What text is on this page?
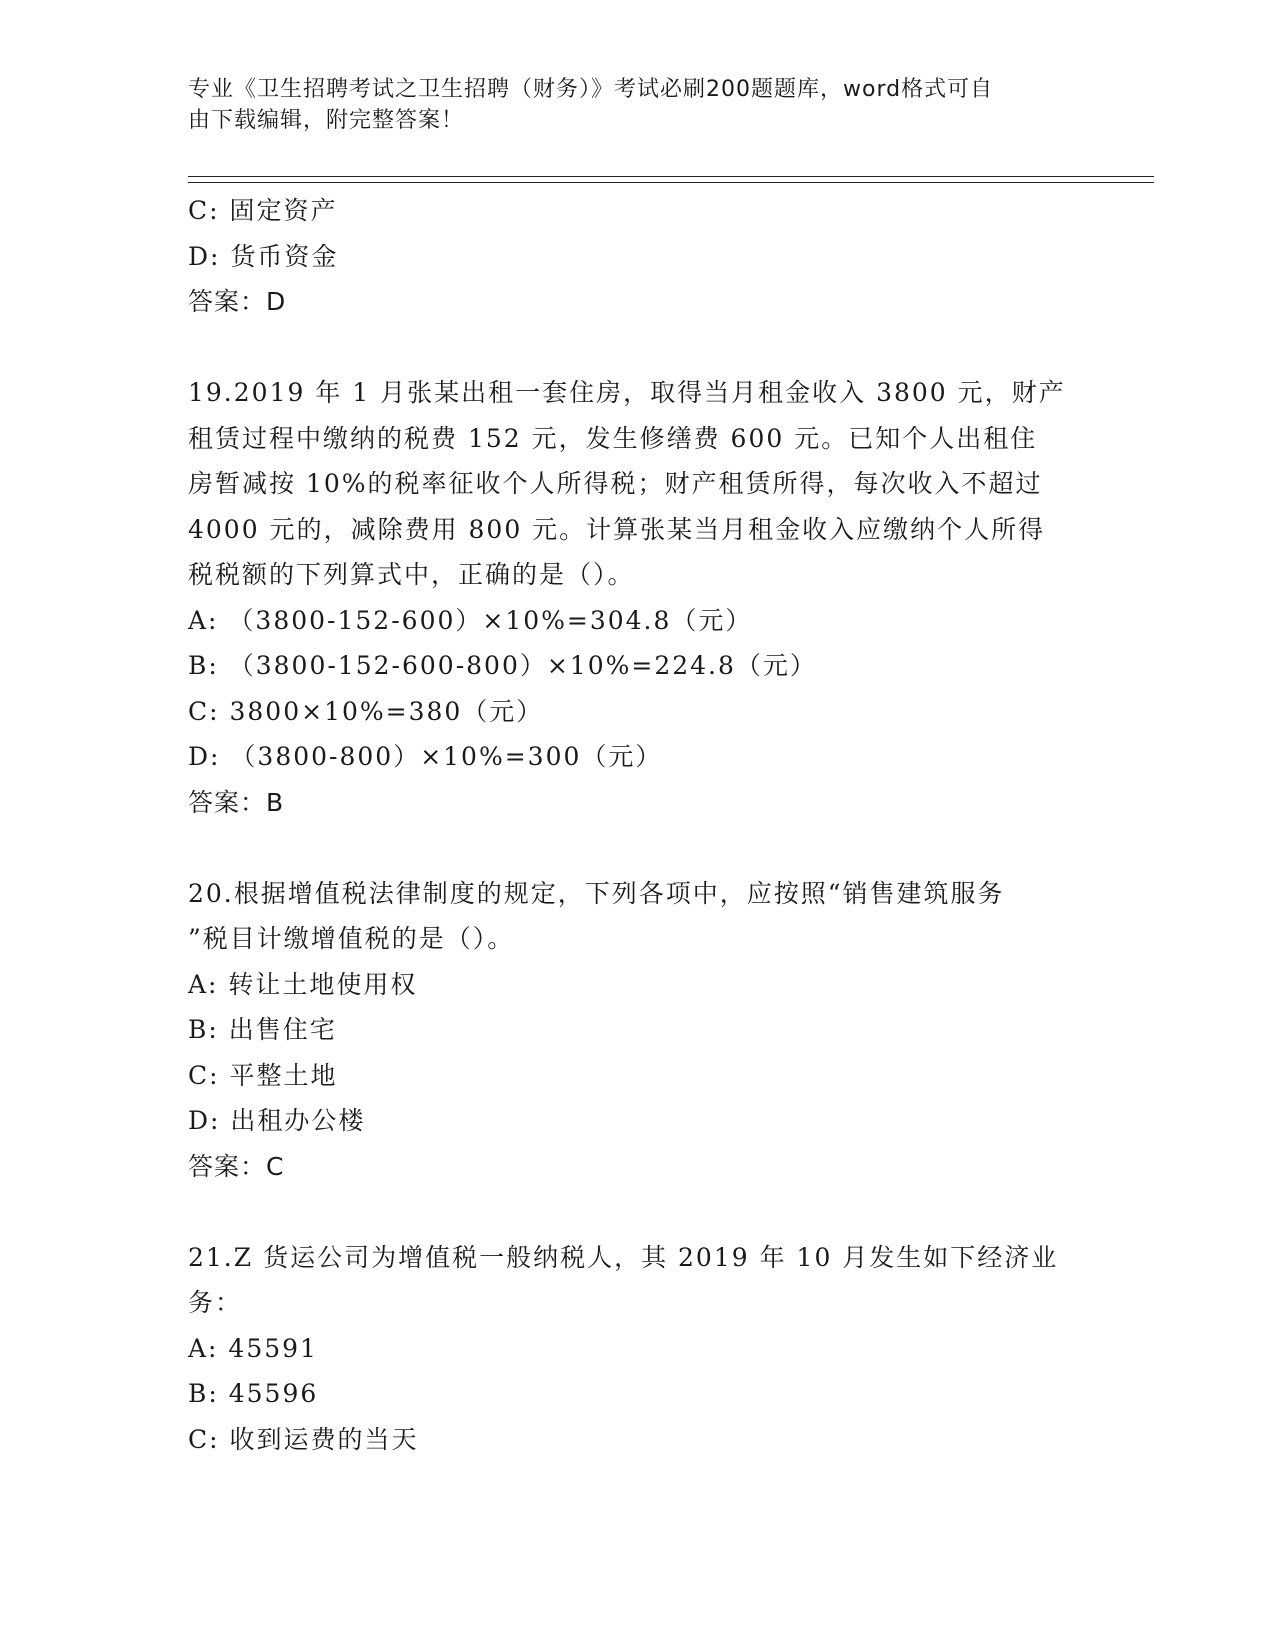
专业《卫生招聘考试之卫生招聘（财务）》考试必刷200题题库，word格式可自
由下载编辑，附完整答案！
C: 固定资产
D: 货币资金
答案：D
19.2019 年 1 月张某出租一套住房，取得当月租金收入 3800 元，财产
租赁过程中缴纳的税费 152 元，发生修缮费 600 元。已知个人出租住
房暂减按 10%的税率征收个人所得税；财产租赁所得，每次收入不超过
4000 元的，减除费用 800 元。计算张某当月租金收入应缴纳个人所得
税税额的下列算式中，正确的是（）。
A: （3800-152-600）×10%=304.8（元）
B: （3800-152-600-800）×10%=224.8（元）
C: 3800×10%=380（元）
D: （3800-800）×10%=300（元）
答案：B
20.根据增值税法律制度的规定，下列各项中，应按照“销售建筑服务
”税目计缴增值税的是（）。
A: 转让土地使用权
B: 出售住宅
C: 平整土地
D: 出租办公楼
答案：C
21.Z 货运公司为增值税一般纳税人，其 2019 年 10 月发生如下经济业
务：
A: 45591
B: 45596
C: 收到运费的当天
